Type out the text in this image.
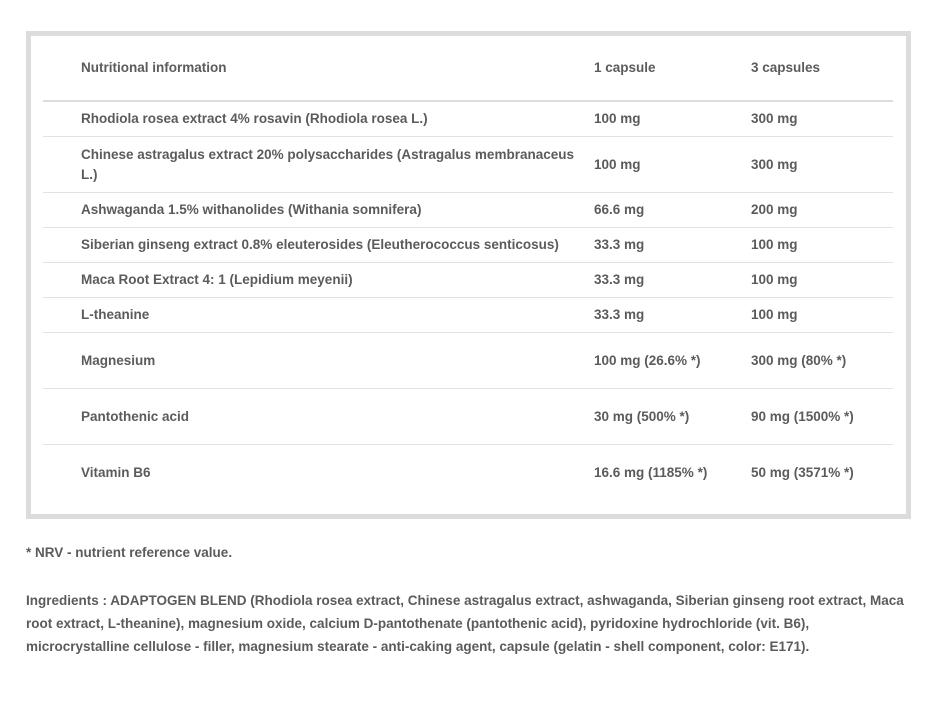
Nutritional information	1 capsule	3 capsules
Rhodiola rosea extract 4% rosavin (Rhodiola rosea L.)	100 mg	300 mg
Chinese astragalus extract 20% polysaccharides (Astragalus membranaceus L.)	100 mg	300 mg
Ashwaganda 1.5% withanolides (Withania somnifera)	66.6 mg	200 mg
Siberian ginseng extract 0.8% eleuterosides (Eleutherococcus senticosus)	33.3 mg	100 mg
Maca Root Extract 4: 1 (Lepidium meyenii)	33.3 mg	100 mg
L-theanine	33.3 mg	100 mg
Magnesium	100 mg (26.6% *)	300 mg (80% *)
Pantothenic acid	30 mg (500% *)	90 mg (1500% *)
Vitamin B6	16.6 mg (1185% *)	50 mg (3571% *)
* NRV - nutrient reference value.
Ingredients : ADAPTOGEN BLEND (Rhodiola rosea extract, Chinese astragalus extract, ashwaganda, Siberian ginseng root extract, Maca root extract, L-theanine), magnesium oxide, calcium D-pantothenate (pantothenic acid), pyridoxine hydrochloride (vit. B6), microcrystalline cellulose - filler, magnesium stearate - anti-caking agent, capsule (gelatin - shell component, color: E171).
